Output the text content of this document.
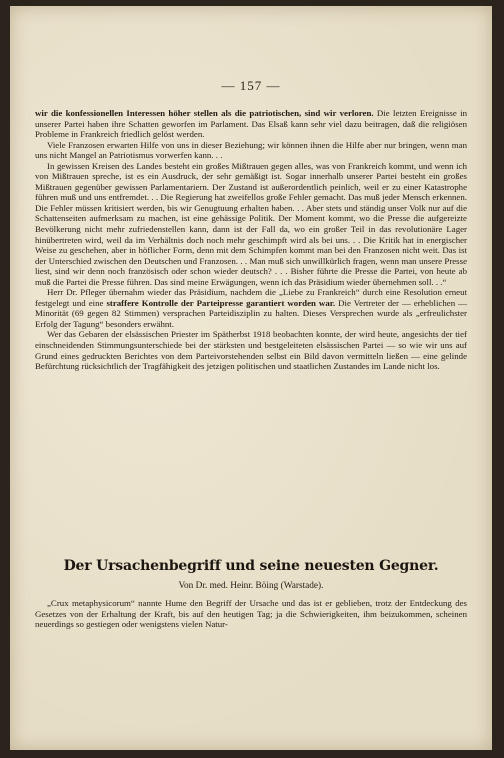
— 157 —

wir die konfessionellen Interessen höher stellen als die patriotischen, sind wir verloren. Die letzten Ereignisse in unserer Partei haben ihre Schatten geworfen im Parlament. Das Elsaß kann sehr viel dazu beitragen, daß die religiösen Probleme in Frankreich friedlich gelöst werden.

Viele Franzosen erwarten Hilfe von uns in dieser Beziehung; wir können ihnen die Hilfe aber nur bringen, wenn man uns nicht Mangel an Patriotismus vorwerfen kann. . .

In gewissen Kreisen des Landes besteht ein großes Mißtrauen gegen alles, was von Frankreich kommt, und wenn ich von Mißtrauen spreche, ist es ein Ausdruck, der sehr gemäßigt ist. Sogar innerhalb unserer Partei besteht ein großes Mißtrauen gegenüber gewissen Parlamentariern. Der Zustand ist außerordentlich peinlich, weil er zu einer Katastrophe führen muß und uns entfremdet. . . Die Regierung hat zweifellos große Fehler gemacht. Das muß jeder Mensch erkennen. Die Fehler müssen kritisiert werden, bis wir Genugtuung erhalten haben. . . Aber stets und ständig unser Volk nur auf die Schattenseiten aufmerksam zu machen, ist eine gehässige Politik. Der Moment kommt, wo die Presse die aufgereizte Bevölkerung nicht mehr zufriedenstellen kann, dann ist der Fall da, wo ein großer Teil in das revolutionäre Lager hinübertreten wird, weil da im Verhältnis doch noch mehr geschimpft wird als bei uns. . . Die Kritik hat in energischer Weise zu geschehen, aber in höflicher Form, denn mit dem Schimpfen kommt man bei den Franzosen nicht weit. Das ist der Unterschied zwischen den Deutschen und Franzosen. . . Man muß sich unwillkürlich fragen, wenn man unsere Presse liest, sind wir denn noch französisch oder schon wieder deutsch? . . . Bisher führte die Presse die Partei, von heute ab muß die Partei die Presse führen. Das sind meine Erwägungen, wenn ich das Präsidium wieder übernehmen soll. . .“

Herr Dr. Pfleger übernahm wieder das Präsidium, nachdem die „Liebe zu Frankreich“ durch eine Resolution erneut festgelegt und eine straffere Kontrolle der Parteipresse garantiert worden war. Die Vertreter der — erheblichen — Minorität (69 gegen 82 Stimmen) versprachen Parteidisziplin zu halten. Dieses Versprechen wurde als „erfreulichster Erfolg der Tagung“ besonders erwähnt.

Wer das Gebaren der elsässischen Priester im Spätherbst 1918 beobachten konnte, der wird heute, angesichts der tief einschneidenden Stimmungsunterschiede bei der stärksten und bestgeleiteten elsässischen Partei — so wie wir uns auf Grund eines gedruckten Berichtes von dem Parteivorstehenden selbst ein Bild davon vermitteln ließen — eine gelinde Befürchtung rücksichtlich der Tragfähigkeit des jetzigen politischen und staatlichen Zustandes im Lande nicht los.

Der Ursachenbegriff und seine neuesten Gegner.
Von Dr. med. Heinr. Böing (Warstade).

„Crux metaphysicorum“ nannte Hume den Begriff der Ursache und das ist er geblieben, trotz der Entdeckung des Gesetzes von der Erhaltung der Kraft, bis auf den heutigen Tag; ja die Schwierigkeiten, ihm beizukommen, scheinen neuerdings so gestiegen oder wenigstens vielen Natur-
